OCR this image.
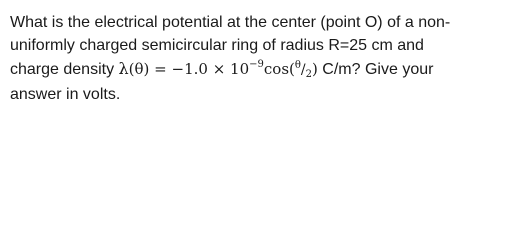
What is the electrical potential at the center (point O) of a non-
uniformly charged semicircular ring of radius R=25 cm and
charge density $\lambda(\theta) = -1.0 \times 10^{-9}\cos(^\theta/_2)$ C/m? Give your
answer in volts.
